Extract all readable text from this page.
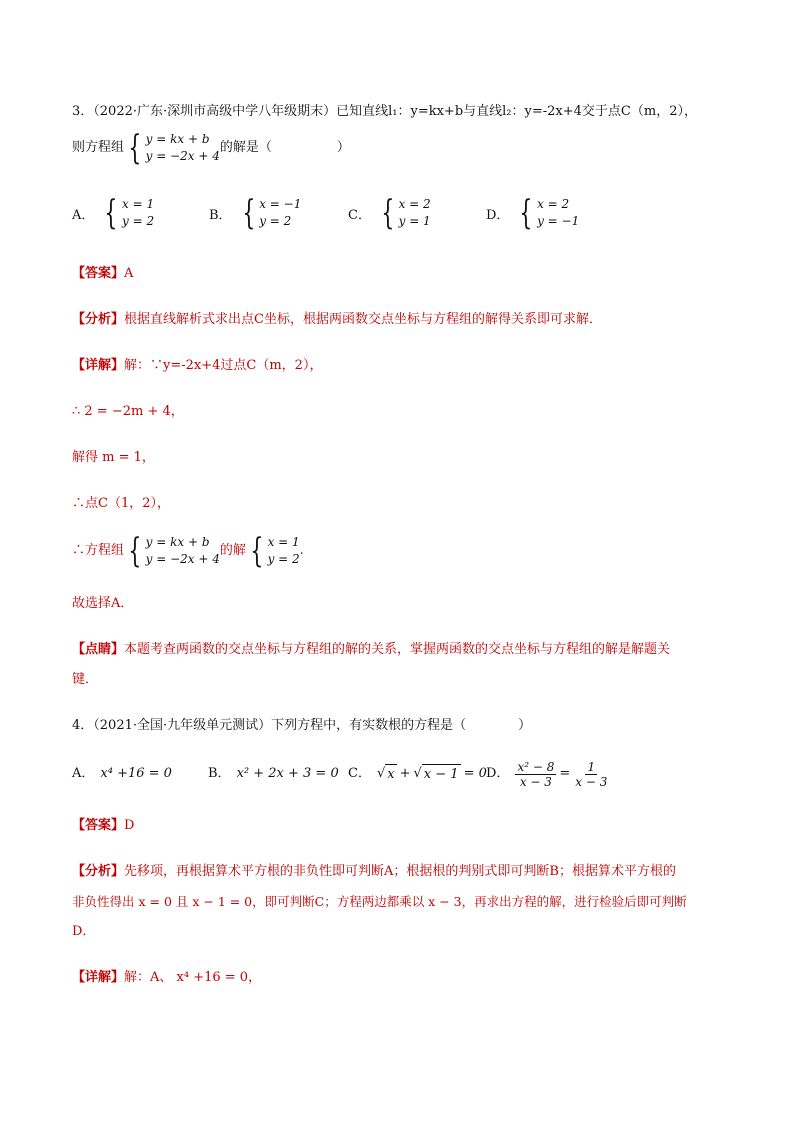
3．（2022·广东·深圳市高级中学八年级期末）已知直线l₁：y=kx+b与直线l₂：y=-2x+4交于点C（m，2），
则方程组 { y = kx + b
y = −2x + 4
的解是（　　　　　）
A． { x = 1
y = 2	B． { x = −1
y = 2	C． { x = 2
y = 1	D． { x = 2
y = −1
【答案】A
【分析】根据直线解析式求出点C坐标，根据两函数交点坐标与方程组的解得关系即可求解．
【详解】解：∵y=-2x+4过点C（m，2），
∴ 2 = −2m + 4，
解得 m = 1，
∴点C（1，2），
∴方程组 { y = kx + b
y = −2x + 4
的解 { x = 1
y = 2
.
故选择A．
【点睛】本题考查两函数的交点坐标与方程组的解的关系，掌握两函数的交点坐标与方程组的解是解题关
键．
4．（2021·全国·九年级单元测试）下列方程中，有实数根的方程是（　　　　）
A． x⁴ +16 = 0	B． x² + 2x + 3 = 0 C． √ x + √ x − 1 = 0 D． $\frac{\text{x² − 8}}{x - 3} = \frac{1}{x - 3}$
【答案】D
【分析】先移项，再根据算术平方根的非负性即可判断A；根据根的判别式即可判断B；根据算术平方根的
非负性得出 x = 0 且 x − 1 = 0，即可判断C；方程两边都乘以 x − 3，再求出方程的解，进行检验后即可判断
D．
【详解】解：A、 x⁴ +16 = 0，
